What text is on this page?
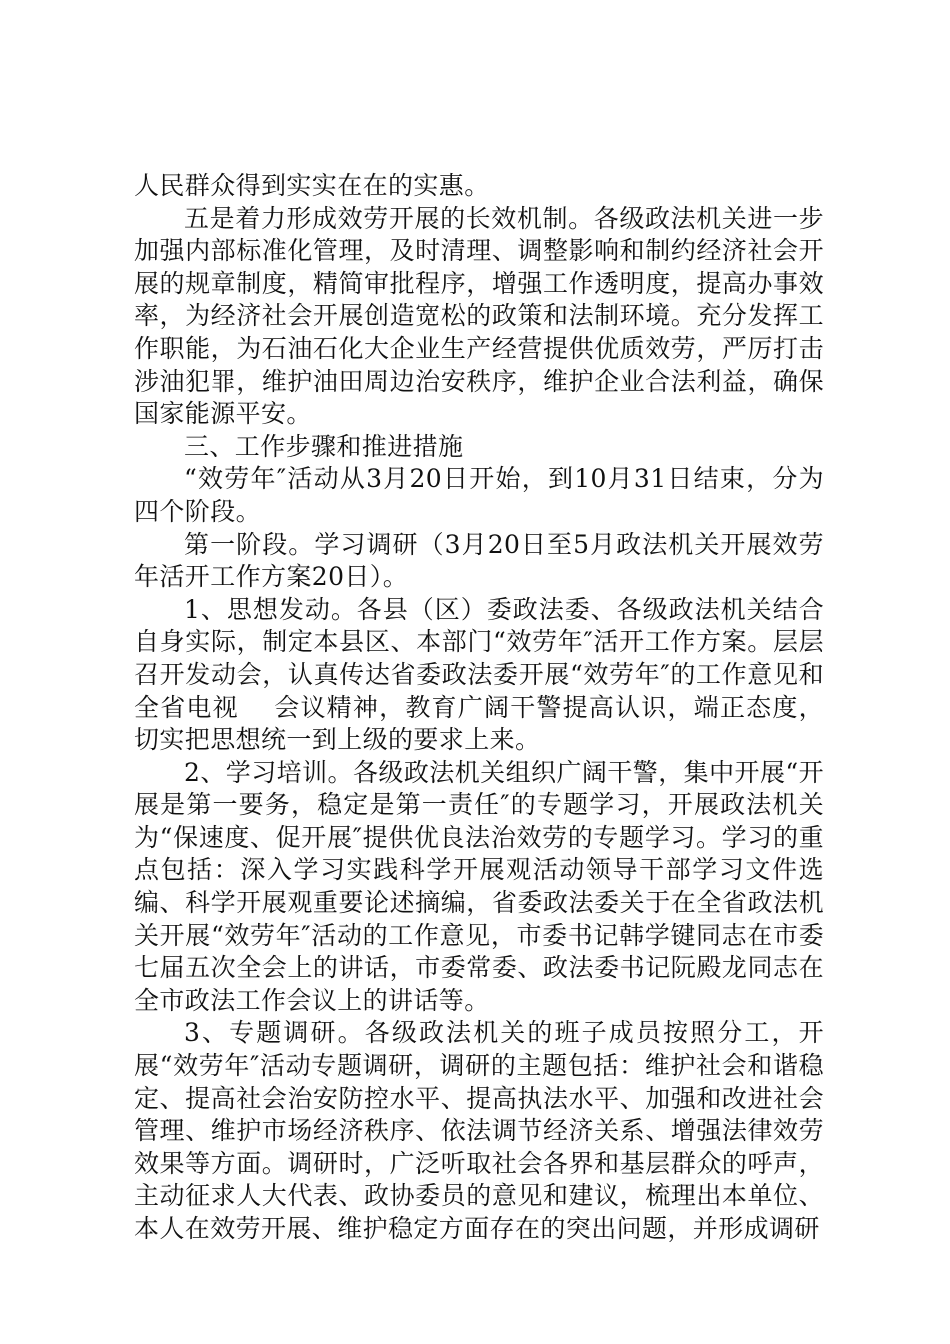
人民群众得到实实在在的实惠。

五是着力形成效劳开展的长效机制。各级政法机关进一步加强内部标准化管理，及时清理、调整影响和制约经济社会开展的规章制度，精简审批程序，增强工作透明度，提高办事效率，为经济社会开展创造宽松的政策和法制环境。充分发挥工作职能，为石油石化大企业生产经营提供优质效劳，严厉打击涉油犯罪，维护油田周边治安秩序，维护企业合法利益，确保国家能源平安。

三、工作步骤和推进措施

“效劳年″活动从3月20日开始，到10月31日结束，分为四个阶段。

第一阶段。学习调研（3月20日至5月政法机关开展效劳年活开工作方案20日）。

1、思想发动。各县（区）委政法委、各级政法机关结合自身实际，制定本县区、本部门“效劳年″活开工作方案。层层召开发动会，认真传达省委政法委开展“效劳年″的工作意见和全省电视　 会议精神，教育广阔干警提高认识，端正态度，切实把思想统一到上级的要求上来。

2、学习培训。各级政法机关组织广阔干警，集中开展“开展是第一要务，稳定是第一责任″的专题学习，开展政法机关为“保速度、促开展″提供优良法治效劳的专题学习。学习的重点包括：深入学习实践科学开展观活动领导干部学习文件选编、科学开展观重要论述摘编，省委政法委关于在全省政法机关开展“效劳年″活动的工作意见，市委书记韩学键同志在市委七届五次全会上的讲话，市委常委、政法委书记阮殿龙同志在全市政法工作会议上的讲话等。

3、专题调研。各级政法机关的班子成员按照分工，开展“效劳年″活动专题调研，调研的主题包括：维护社会和谐稳定、提高社会治安防控水平、提高执法水平、加强和改进社会管理、维护市场经济秩序、依法调节经济关系、增强法律效劳效果等方面。调研时，广泛听取社会各界和基层群众的呼声，主动征求人大代表、政协委员的意见和建议，梳理出本单位、本人在效劳开展、维护稳定方面存在的突出问题，并形成调研
